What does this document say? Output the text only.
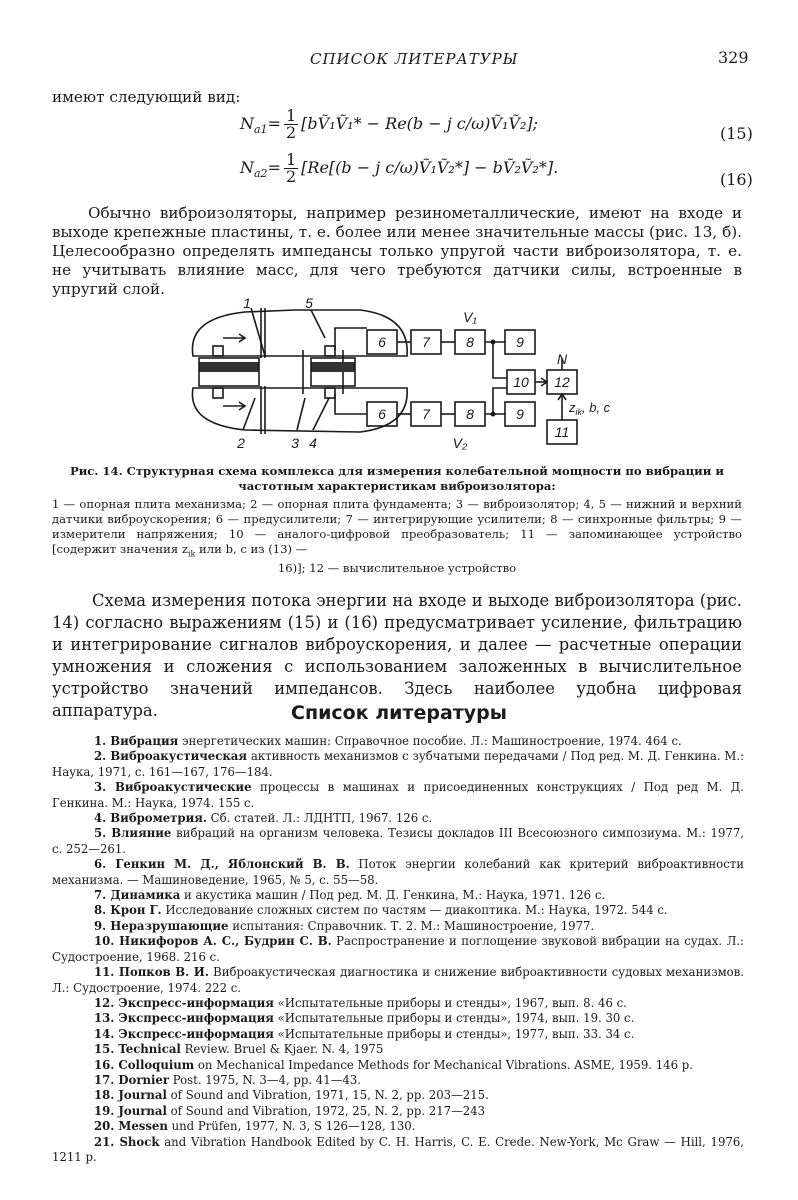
СПИСОК ЛИТЕРАТУРЫ	329
имеют следующий вид:
$N_{a1}= \frac{1}{2}$ [bṼ₁Ṽ₁* − Re(b − j c/ω)Ṽ₁Ṽ₂];
(15)
$N_{a2}= \frac{1}{2} [Re[(b - j$ c/ω)Ṽ₁Ṽ₂*] − bṼ₂Ṽ₂*].
(16)

Обычно виброизоляторы, например резинометаллические, имеют на входе и выходе крепежные пластины, т. е. более или менее значительные массы (рис. 13, б). Целесообразно определять импедансы только упругой части виброизолятора, т. е. не учитывать влияние масс, для чего требуются датчики силы, встроенные в упругий слой.

1	5
V₁
2	3 4	V₂
6	7	8	9
6	7	8	9
10 12
11
N
$z_{ik}$, b, c
Рис. 14. Структурная схема комплекса для измерения колебательной мощности по вибрации и частотным характеристикам виброизолятора:
1 — опорная плита механизма; 2 — опорная плита фундамента; 3 — виброизолятор; 4, 5 — нижний и верхний датчики виброускорения; 6 — предусилители; 7 — интегрирующие усилители; 8 — синхронные фильтры; 9 — измерители напряжения; 10 — аналого-цифровой преобразователь; 11 — запоминающее устройство [содержит значения $z_{ik}$ или b, c из (13) —
16)]; 12 — вычислительное устройство

Схема измерения потока энергии на входе и выходе виброизолятора (рис. 14) согласно выражениям (15) и (16) предусматривает усиление, фильтрацию и интегрирование сигналов виброускорения, и далее — расчетные операции умножения и сложения с использованием заложенных в вычислительное устройство значений импедансов. Здесь наиболее удобна цифровая аппаратура.	Список литературы
1. Вибрация энергетических машин: Справочное пособие. Л.: Машиностроение, 1974. 464 с.
2. Виброакустическая активность механизмов с зубчатыми передачами / Под ред. М. Д. Генкина. М.: Наука, 1971, с. 161—167, 176—184.
3. Виброакустические процессы в машинах и присоединенных конструкциях / Под ред М. Д. Генкина. М.: Наука, 1974. 155 с.
4. Виброметрия. Сб. статей. Л.: ЛДНТП, 1967. 126 с.
5. Влияние вибраций на организм человека. Тезисы докладов III Всесоюзного симпозиума. М.: 1977, с. 252—261.
6. Генкин М. Д., Яблонский В. В. Поток энергии колебаний как критерий виброактивности механизма. — Машиноведение, 1965, № 5, с. 55—58.
7. Динамика и акустика машин / Под ред. М. Д. Генкина, М.: Наука, 1971. 126 с.
8. Крон Г. Исследование сложных систем по частям — диакоптика. М.: Наука, 1972. 544 с.
9. Неразрушающие испытания: Справочник. Т. 2. М.: Машиностроение, 1977.
10. Никифоров А. С., Будрин С. В. Распространение и поглощение звуковой вибрации на судах. Л.: Судостроение, 1968. 216 с.
11. Попков В. И. Виброакустическая диагностика и снижение виброактивности судовых механизмов. Л.: Судостроение, 1974. 222 с.
12. Экспресс-информация «Испытательные приборы и стенды», 1967, вып. 8. 46 с.
13. Экспресс-информация «Испытательные приборы и стенды», 1974, вып. 19. 30 с.
14. Экспресс-информация «Испытательные приборы и стенды», 1977, вып. 33. 34 с.
15. Technical Review. Bruel & Kjaer. N. 4, 1975
16. Colloquium on Mechanical Impedance Methods for Mechanical Vibrations. ASME, 1959. 146 p.
17. Dornier Post. 1975, N. 3—4, pp. 41—43.
18. Journal of Sound and Vibration, 1971, 15, N. 2, pp. 203—215.
19. Journal of Sound and Vibration, 1972, 25, N. 2, pp. 217—243
20. Messen und Prüfen, 1977, N. 3, S 126—128, 130.
21. Shock and Vibration Handbook Edited by C. H. Harris, C. E. Crede. New-York, Mc Graw — Hill, 1976, 1211 p.
